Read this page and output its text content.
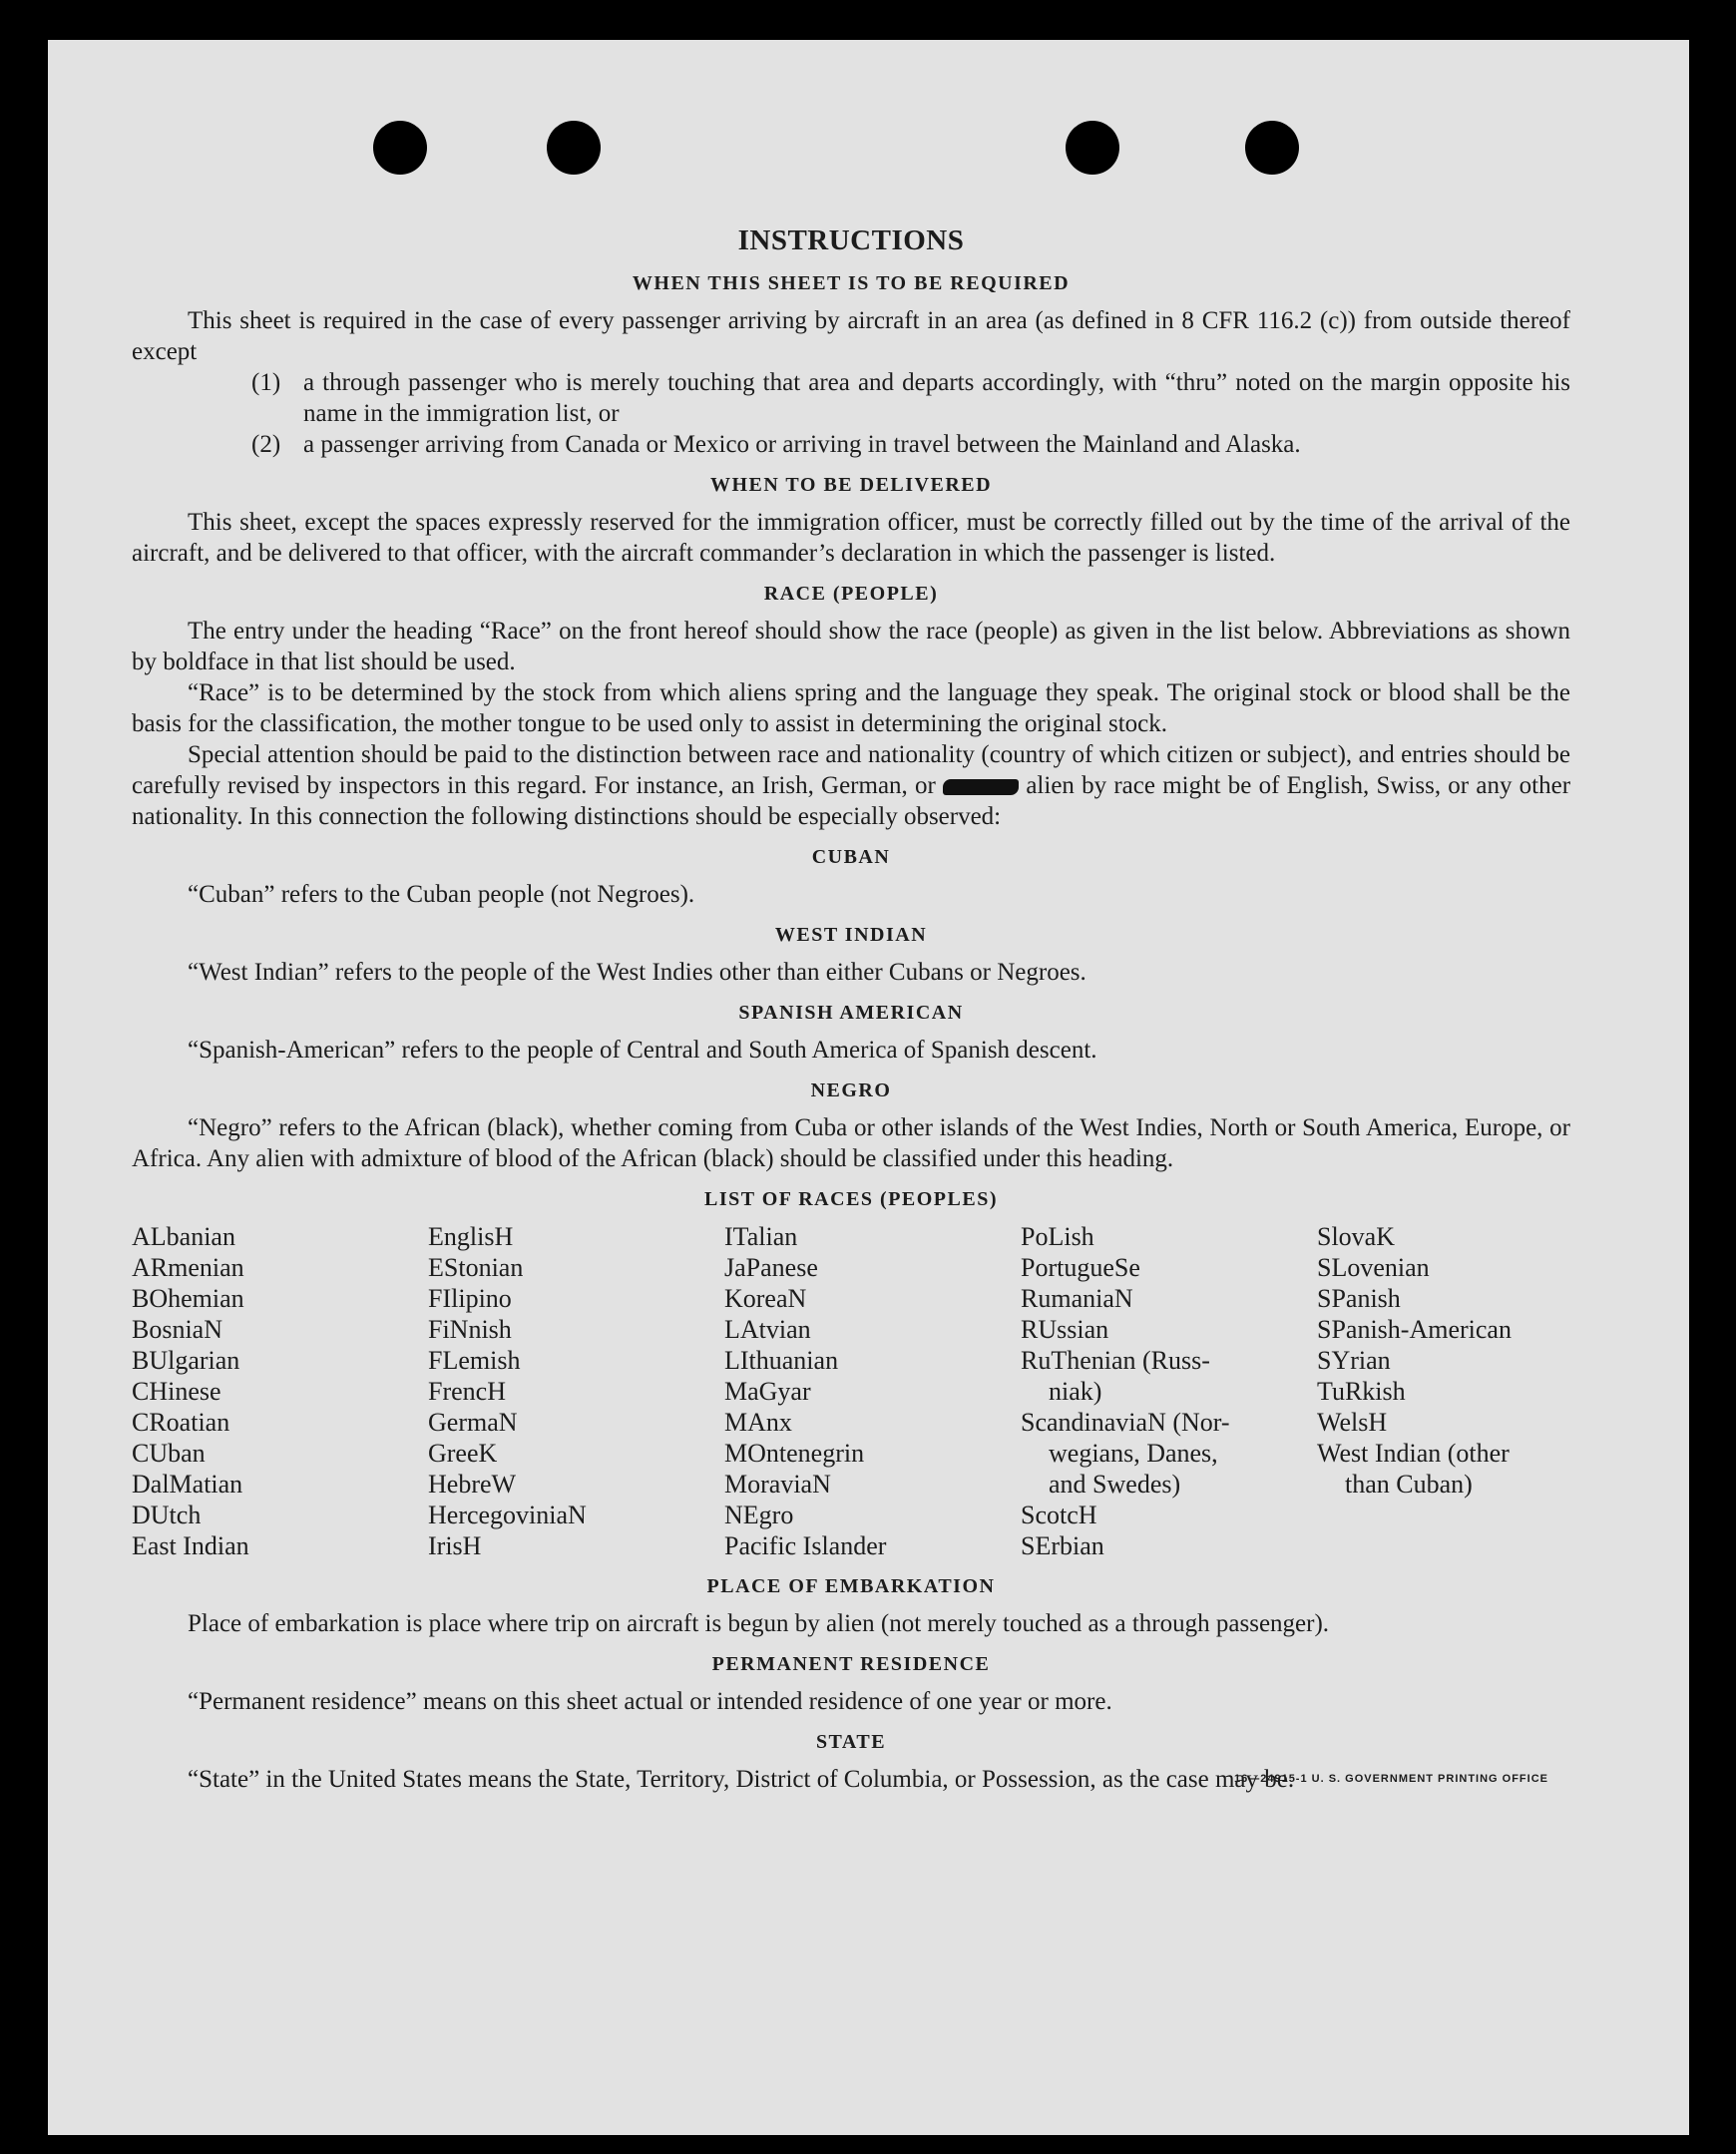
INSTRUCTIONS
WHEN THIS SHEET IS TO BE REQUIRED

This sheet is required in the case of every passenger arriving by aircraft in an area (as defined in 8 CFR 116.2 (c)) from outside thereof except

(1) a through passenger who is merely touching that area and departs accordingly, with “thru” noted on the margin opposite his name in the immigration list, or
(2) a passenger arriving from Canada or Mexico or arriving in travel between the Mainland and Alaska.
WHEN TO BE DELIVERED

This sheet, except the spaces expressly reserved for the immigration officer, must be correctly filled out by the time of the arrival of the aircraft, and be delivered to that officer, with the aircraft commander’s declaration in which the passenger is listed.

RACE (PEOPLE)

The entry under the heading “Race” on the front hereof should show the race (people) as given in the list below. Abbreviations as shown by boldface in that list should be used.

“Race” is to be determined by the stock from which aliens spring and the language they speak. The original stock or blood shall be the basis for the classification, the mother tongue to be used only to assist in determining the original stock.

Special attention should be paid to the distinction between race and nationality (country of which citizen or subject), and entries should be carefully revised by inspectors in this regard. For instance, an Irish, German, or	alien by race might be of English, Swiss, or any other nationality. In this connection the following distinctions should be especially observed:

CUBAN

“Cuban” refers to the Cuban people (not Negroes).

WEST INDIAN

“West Indian” refers to the people of the West Indies other than either Cubans or Negroes.

SPANISH AMERICAN

“Spanish-American” refers to the people of Central and South America of Spanish descent.

NEGRO

“Negro” refers to the African (black), whether coming from Cuba or other islands of the West Indies, North or South America, Europe, or Africa. Any alien with admixture of blood of the African (black) should be classified under this heading.

LIST OF RACES (PEOPLES)
ALbanian
ARmenian
BOhemian
BosniaN
BUlgarian
CHinese
CRoatian
CUban
DalMatian
DUtch
East Indian
EnglisH
EStonian
FIlipino
FiNnish
FLemish
FrencH
GermaN
GreeK
HebreW
HercegoviniaN
IrisH
ITalian
JaPanese
KoreaN
LAtvian
LIthuanian
MaGyar
MAnx
MOntenegrin
MoraviaN
NEgro
Pacific Islander
PoLish
PortugueSe
RumaniaN
RUssian
RuThenian (Russ-
niak)
ScandinaviaN (Nor-
wegians, Danes,
and Swedes)
ScotcH
SErbian
SlovaK
SLovenian
SPanish
SPanish-American
SYrian
TuRkish
WelsH
West Indian (other
than Cuban)
PLACE OF EMBARKATION

Place of embarkation is place where trip on aircraft is begun by alien (not merely touched as a through passenger).

PERMANENT RESIDENCE

“Permanent residence” means on this sheet actual or intended residence of one year or more.

STATE

“State” in the United States means the State, Territory, District of Columbia, or Possession, as the case may be.

16—24915-1 U. S. GOVERNMENT PRINTING OFFICE
